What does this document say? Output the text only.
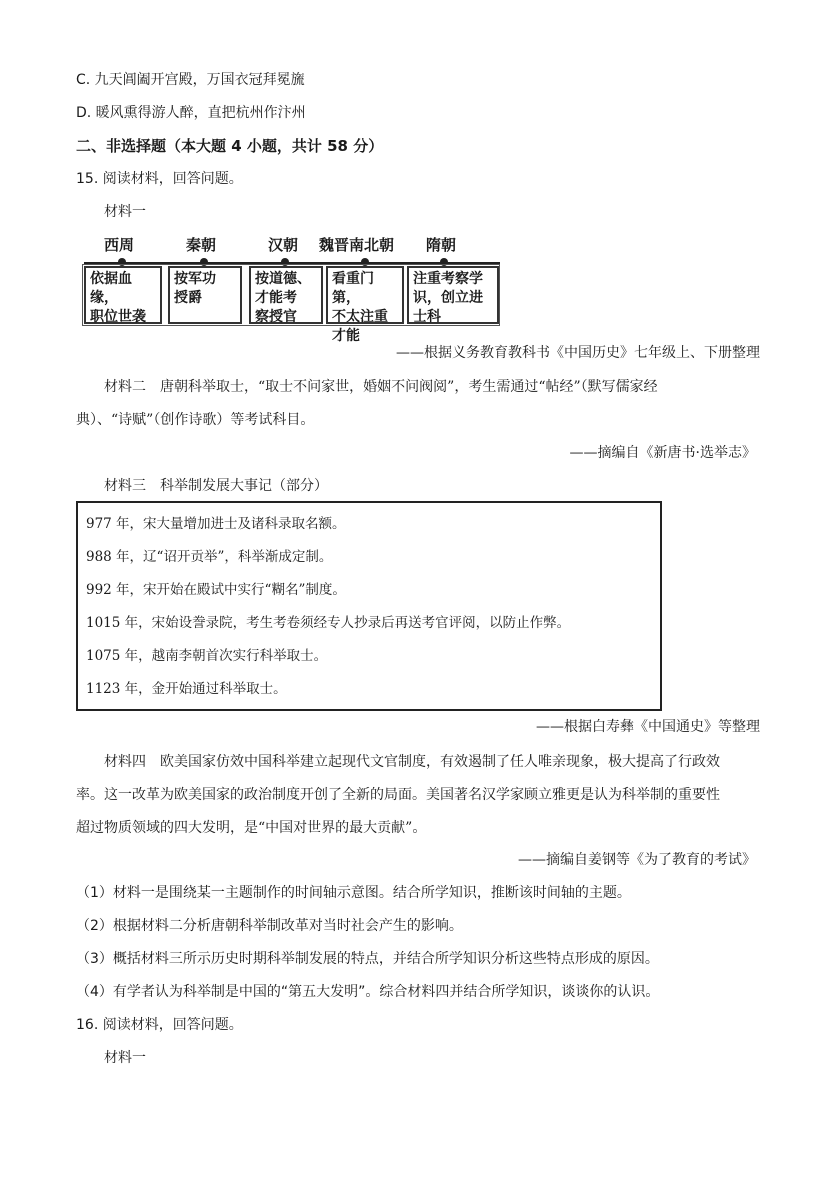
C. 九天阊阖开宫殿，万国衣冠拜冕旒
D. 暖风熏得游人醉，直把杭州作汴州
二、非选择题（本大题 4 小题，共计 58 分）
15. 阅读材料，回答问题。
材料一
西周	秦朝	汉朝 魏晋南北朝 隋朝
依据血缘，
职位世袭
按军功
授爵
按道德、
才能考
察授官
看重门第，
不太注重
才能
注重考察学
识，创立进
士科
——根据义务教育教科书《中国历史》七年级上、下册整理
材料二　唐朝科举取士，“取士不问家世，婚姻不问阀阅”，考生需通过“帖经”（默写儒家经
典）、“诗赋”（创作诗歌）等考试科目。
——摘编自《新唐书·选举志》
材料三　科举制发展大事记（部分）
977 年，宋大量增加进士及诸科录取名额。
988 年，辽“诏开贡举”，科举渐成定制。
992 年，宋开始在殿试中实行“糊名”制度。
1015 年，宋始设誊录院，考生考卷须经专人抄录后再送考官评阅，以防止作弊。
1075 年，越南李朝首次实行科举取士。
1123 年，金开始通过科举取士。
——根据白寿彝《中国通史》等整理
材料四　欧美国家仿效中国科举建立起现代文官制度，有效遏制了任人唯亲现象，极大提高了行政效
率。这一改革为欧美国家的政治制度开创了全新的局面。美国著名汉学家顾立雅更是认为科举制的重要性
超过物质领域的四大发明，是“中国对世界的最大贡献”。
——摘编自姜钢等《为了教育的考试》
（1）材料一是围绕某一主题制作的时间轴示意图。结合所学知识，推断该时间轴的主题。
（2）根据材料二分析唐朝科举制改革对当时社会产生的影响。
（3）概括材料三所示历史时期科举制发展的特点，并结合所学知识分析这些特点形成的原因。
（4）有学者认为科举制是中国的“第五大发明”。综合材料四并结合所学知识，谈谈你的认识。
16. 阅读材料，回答问题。
材料一
